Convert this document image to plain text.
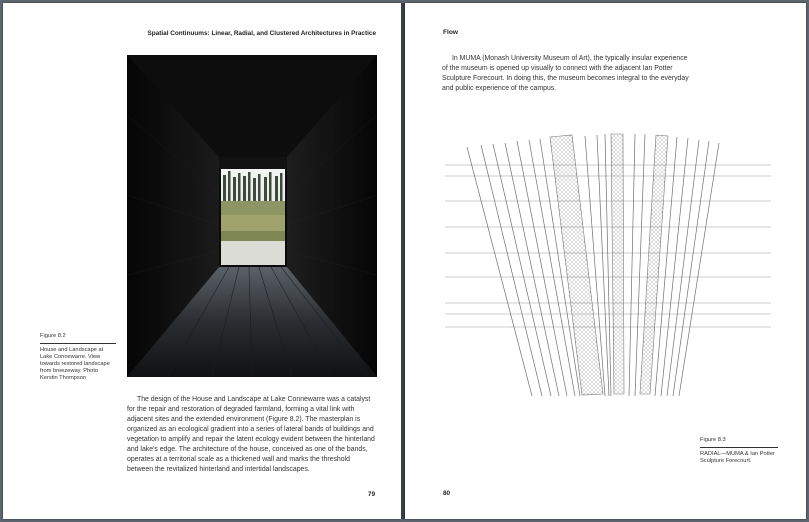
Spatial Continuums: Linear, Radial, and Clustered Architectures in Practice
Figure 8.2
House and Landscape at Lake Connewarre. View towards restored landscape from breezeway. Photo Kerstin Thompson

The design of the House and Landscape at Lake Connewarre was a catalyst for the repair and restoration of degraded farmland, forming a vital link with adjacent sites and the extended environment (Figure 8.2). The masterplan is organized as an ecological gradient into a series of lateral bands of buildings and vegetation to amplify and repair the latent ecology evident between the hinterland and lake's edge. The architecture of the house, conceived as one of the bands, operates at a territorial scale as a thickened wall and marks the threshold between the revitalized hinterland and intertidal landscapes.

79
Flow

In MUMA (Monash University Museum of Art), the typically insular experience of the museum is opened up visually to connect with the adjacent Ian Potter Sculpture Forecourt. In doing this, the museum becomes integral to the everyday and public experience of the campus.

Figure 8.3
RADIAL—MUMA & Ian Potter Sculpture Forecourt.
80
